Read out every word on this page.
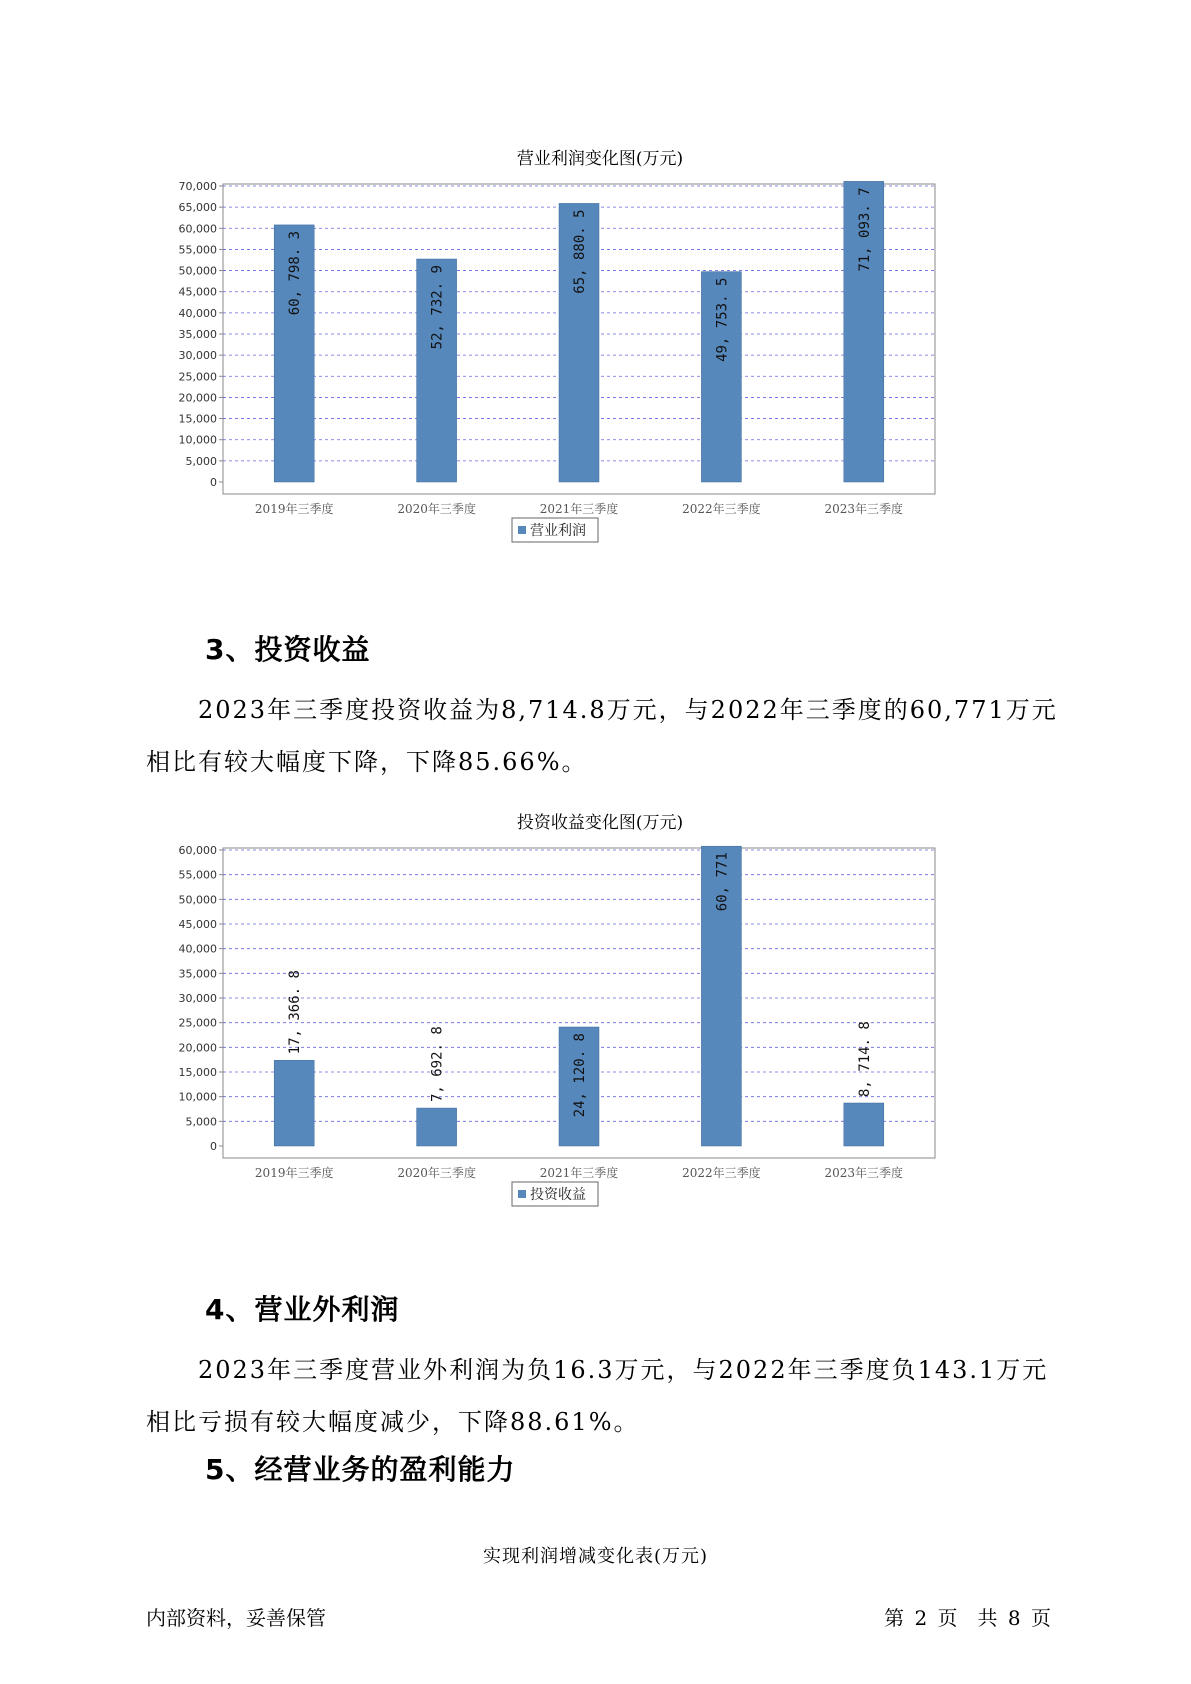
营业利润变化图(万元)
0
5,000
10,000
15,000
20,000
25,000
30,000
35,000
40,000
45,000
50,000
55,000
60,000
65,000
70,000
60, 798. 3
2019年三季度
52, 732. 9
2020年三季度
65, 880. 5
2021年三季度
49, 753. 5
2022年三季度
71, 093. 7
2023年三季度
营业利润
3、投资收益
2023年三季度投资收益为8,714.8万元，与2022年三季度的60,771万元
相比有较大幅度下降，下降85.66%。
投资收益变化图(万元)
0
5,000
10,000
15,000
20,000
25,000
30,000
35,000
40,000
45,000
50,000
55,000
60,000
17, 366. 8
2019年三季度
7, 692. 8
2020年三季度
24, 120. 8
2021年三季度
60, 771
2022年三季度
8, 714. 8
2023年三季度
投资收益
4、营业外利润
2023年三季度营业外利润为负16.3万元，与2022年三季度负143.1万元
相比亏损有较大幅度减少，下降88.61%。
5、经营业务的盈利能力
实现利润增减变化表(万元)
内部资料，妥善保管	第 2 页　共 8 页
